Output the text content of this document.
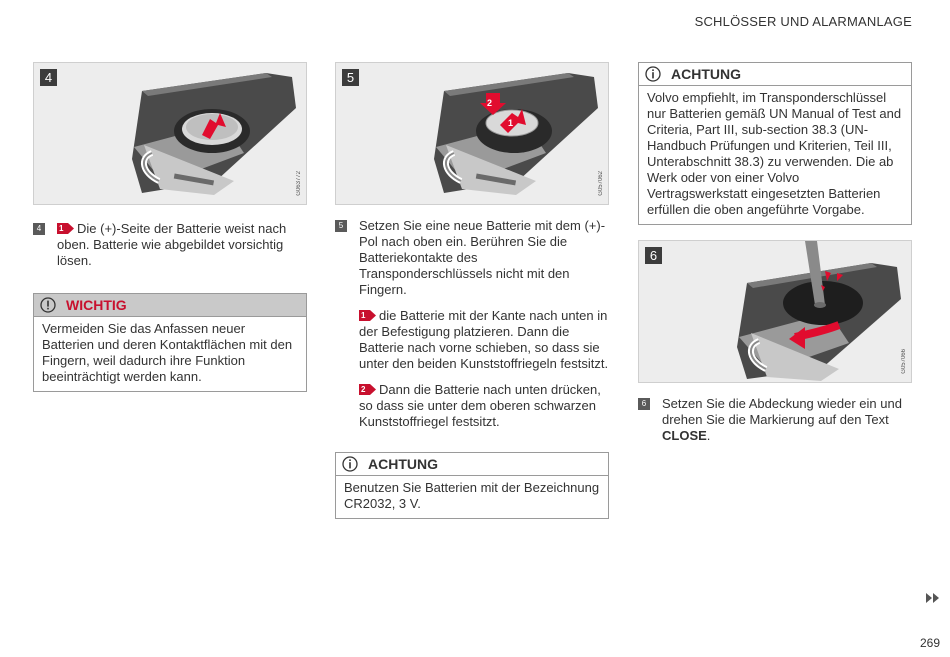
SCHLÖSSER UND ALARMANLAGE
4
G063772
4	1 Die (+)-Seite der Batterie weist nach oben. Batterie wie abgebildet vorsichtig lösen.
WICHTIG
Vermeiden Sie das Anfassen neuer Batterien und deren Kontaktflächen mit den Fingern, weil dadurch ihre Funktion beeinträchtigt werden kann.
2
1
5
G057062
5 Setzen Sie eine neue Batterie mit dem (+)-Pol nach oben ein. Berühren Sie die Batteriekontakte des Transponderschlüssels nicht mit den Fingern.
1 die Batterie mit der Kante nach unten in der Befestigung platzieren. Dann die Batterie nach vorne schieben, so dass sie unter den beiden Kunststoffriegeln festsitzt.
2 Dann die Batterie nach unten drücken, so dass sie unter dem oberen schwarzen Kunststoffriegel festsitzt.
ACHTUNG
Benutzen Sie Batterien mit der Bezeichnung CR2032, 3 V.
ACHTUNG
Volvo empfiehlt, im Transponderschlüssel nur Batterien gemäß UN Manual of Test and Criteria, Part III, sub-section 38.3 (UN-Handbuch Prüfungen und Kriterien, Teil III, Unterabschnitt 38.3) zu verwenden. Die ab Werk oder von einer Volvo Vertragswerkstatt eingesetzten Batterien erfüllen die oben angeführte Vorgabe.
6
G057066
6 Setzen Sie die Abdeckung wieder ein und drehen Sie die Markierung auf den Text CLOSE.
269
